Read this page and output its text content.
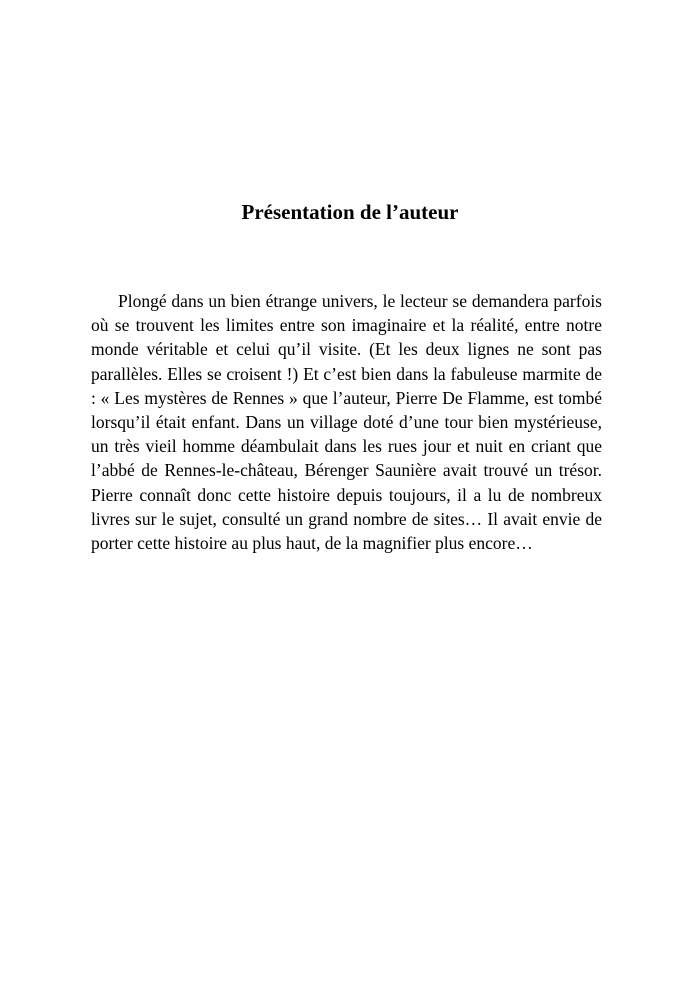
Présentation de l’auteur

Plongé dans un bien étrange univers, le lecteur se demandera parfois où se trouvent les limites entre son imaginaire et la réalité, entre notre monde véritable et celui qu’il visite. (Et les deux lignes ne sont pas parallèles. Elles se croisent !) Et c’est bien dans la fabuleuse marmite de : « Les mystères de Rennes » que l’auteur, Pierre De Flamme, est tombé lorsqu’il était enfant. Dans un village doté d’une tour bien mystérieuse, un très vieil homme déambulait dans les rues jour et nuit en criant que l’abbé de Rennes-le-château, Bérenger Saunière avait trouvé un trésor. Pierre connaît donc cette histoire depuis toujours, il a lu de nombreux livres sur le sujet, consulté un grand nombre de sites… Il avait envie de porter cette histoire au plus haut, de la magnifier plus encore…
